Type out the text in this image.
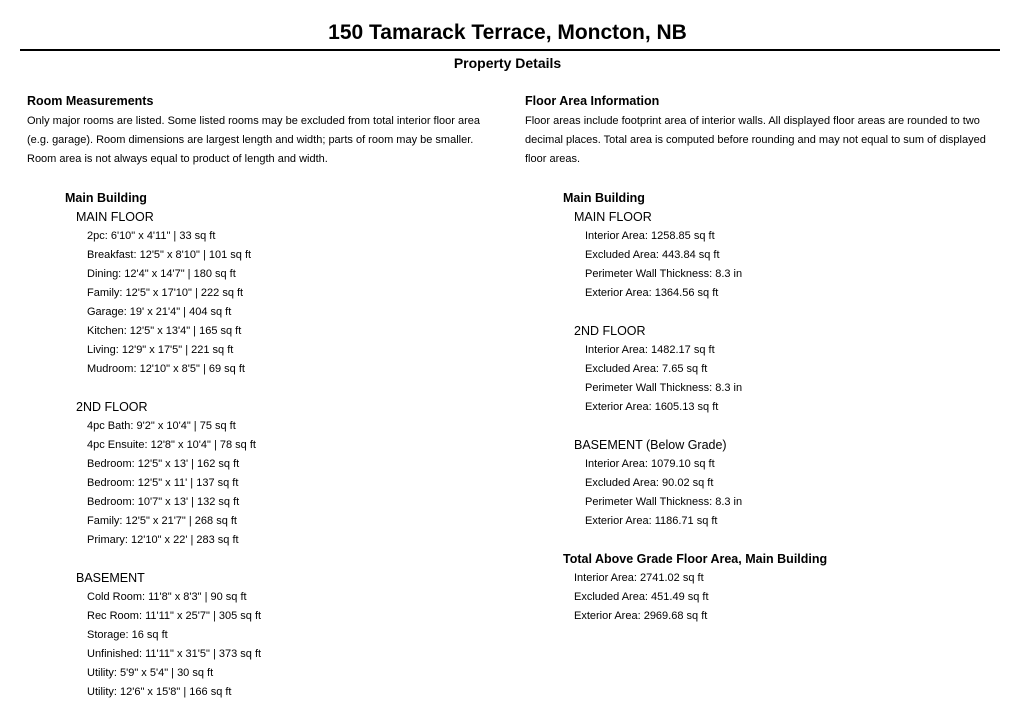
150 Tamarack Terrace, Moncton, NB
Property Details
Room Measurements
Only major rooms are listed. Some listed rooms may be excluded from total interior floor area (e.g. garage). Room dimensions are largest length and width; parts of room may be smaller. Room area is not always equal to product of length and width.
Main Building
MAIN FLOOR
2pc: 6'10" x 4'11" | 33 sq ft
Breakfast: 12'5" x 8'10" | 101 sq ft
Dining: 12'4" x 14'7" | 180 sq ft
Family: 12'5" x 17'10" | 222 sq ft
Garage: 19' x 21'4" | 404 sq ft
Kitchen: 12'5" x 13'4" | 165 sq ft
Living: 12'9" x 17'5" | 221 sq ft
Mudroom: 12'10" x 8'5" | 69 sq ft
2ND FLOOR
4pc Bath: 9'2" x 10'4" | 75 sq ft
4pc Ensuite: 12'8" x 10'4" | 78 sq ft
Bedroom: 12'5" x 13' | 162 sq ft
Bedroom: 12'5" x 11' | 137 sq ft
Bedroom: 10'7" x 13' | 132 sq ft
Family: 12'5" x 21'7" | 268 sq ft
Primary: 12'10" x 22' | 283 sq ft
BASEMENT
Cold Room: 11'8" x 8'3" | 90 sq ft
Rec Room: 11'11" x 25'7" | 305 sq ft
Storage: 16 sq ft
Unfinished: 11'11" x 31'5" | 373 sq ft
Utility: 5'9" x 5'4" | 30 sq ft
Utility: 12'6" x 15'8" | 166 sq ft
Floor Area Information
Floor areas include footprint area of interior walls. All displayed floor areas are rounded to two decimal places. Total area is computed before rounding and may not equal to sum of displayed floor areas.
Main Building
MAIN FLOOR
Interior Area: 1258.85 sq ft
Excluded Area: 443.84 sq ft
Perimeter Wall Thickness: 8.3 in
Exterior Area: 1364.56 sq ft
2ND FLOOR
Interior Area: 1482.17 sq ft
Excluded Area: 7.65 sq ft
Perimeter Wall Thickness: 8.3 in
Exterior Area: 1605.13 sq ft
BASEMENT (Below Grade)
Interior Area: 1079.10 sq ft
Excluded Area: 90.02 sq ft
Perimeter Wall Thickness: 8.3 in
Exterior Area: 1186.71 sq ft
Total Above Grade Floor Area, Main Building
Interior Area: 2741.02 sq ft
Excluded Area: 451.49 sq ft
Exterior Area: 2969.68 sq ft
